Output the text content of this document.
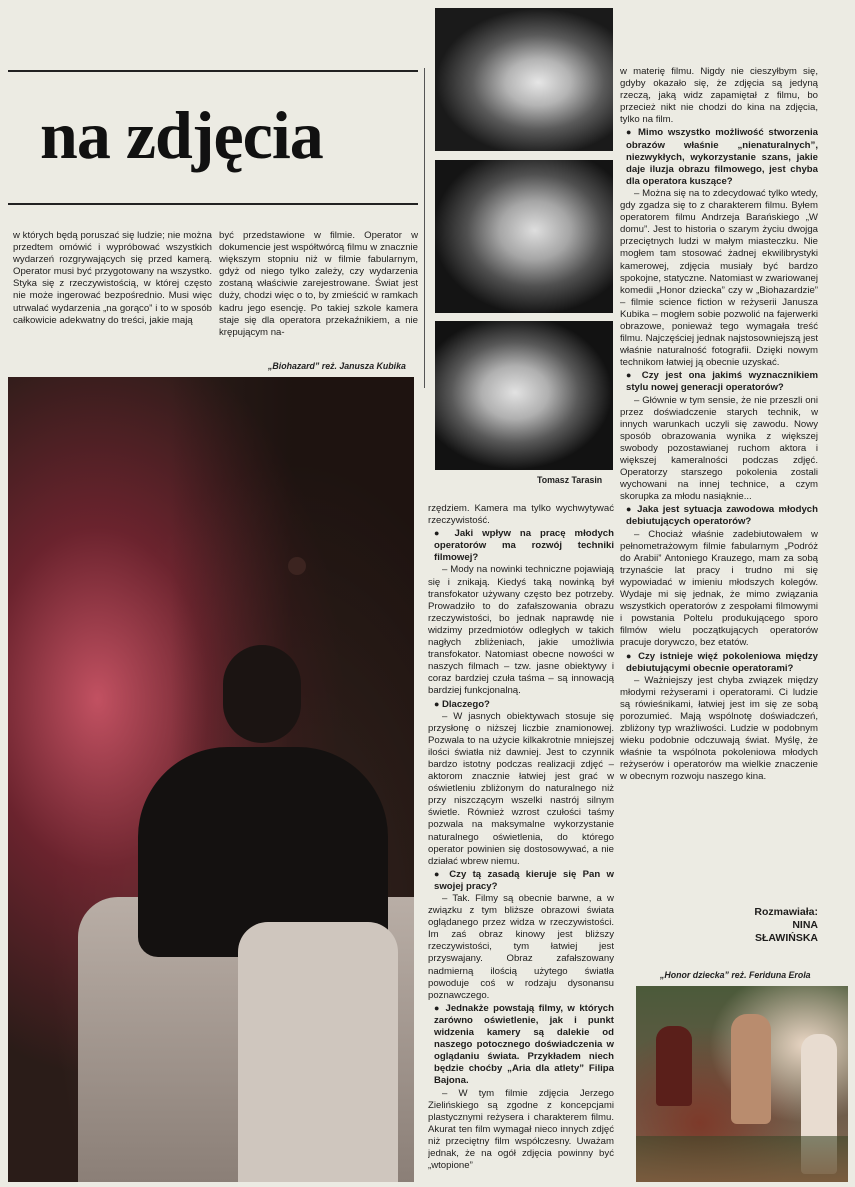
na zdjęcia

w których będą poruszać się ludzie; nie można przedtem omówić i wypróbować wszystkich wydarzeń rozgrywających się przed kamerą. Operator musi być przygotowany na wszystko. Styka się z rzeczywistością, w której często nie może ingerować bezpośrednio. Musi więc utrwalać wydarzenia „na gorąco” i to w sposób całkowicie adekwatny do treści, jakie mają

być przedstawione w filmie. Operator w dokumencie jest współtwórcą filmu w znacznie większym stopniu niż w filmie fabularnym, gdyż od niego tylko zależy, czy wydarzenia zostaną właściwie zarejestrowane. Świat jest duży, chodzi więc o to, by zmieścić w ramkach kadru jego esencję. Po takiej szkole kamera staje się dla operatora przekaźnikiem, a nie krępującym na-

„Biohazard” reż. Janusza Kubika
Tomasz Tarasin

rzędziem. Kamera ma tylko wychwytywać rzeczywistość.

● Jaki wpływ na pracę młodych operatorów ma rozwój techniki filmowej?

– Mody na nowinki techniczne pojawiają się i znikają. Kiedyś taką nowinką był transfokator używany często bez potrzeby. Prowadziło to do zafałszowania obrazu rzeczywistości, bo jednak naprawdę nie widzimy przedmiotów odległych w takich nagłych zbliżeniach, jakie umożliwia transfokator. Natomiast obecne nowości w naszych filmach – tzw. jasne obiektywy i coraz bardziej czuła taśma – są innowacją bardziej funkcjonalną.

● Dlaczego?

– W jasnych obiektywach stosuje się przysłonę o niższej liczbie znamionowej. Pozwala to na użycie kilkakrotnie mniejszej ilości światła niż dawniej. Jest to czynnik bardzo istotny podczas realizacji zdjęć – aktorom znacznie łatwiej jest grać w oświetleniu zbliżonym do naturalnego niż przy niszczącym wszelki nastrój silnym świetle. Również wzrost czułości taśmy pozwala na maksymalne wykorzystanie naturalnego oświetlenia, do którego operator powinien się dostosowywać, a nie działać wbrew niemu.

● Czy tą zasadą kieruje się Pan w swojej pracy?

– Tak. Filmy są obecnie barwne, a w związku z tym bliższe obrazowi świata oglądanego przez widza w rzeczywistości. Im zaś obraz kinowy jest bliższy rzeczywistości, tym łatwiej jest przyswajany. Obraz zafałszowany nadmierną ilością użytego światła powoduje coś w rodzaju dysonansu poznawczego.

● Jednakże powstają filmy, w których zarówno oświetlenie, jak i punkt widzenia kamery są dalekie od naszego potocznego doświadczenia w oglądaniu świata. Przykładem niech będzie choćby „Aria dla atlety” Filipa Bajona.

– W tym filmie zdjęcia Jerzego Zielińskiego są zgodne z koncepcjami plastycznymi reżysera i charakterem filmu. Akurat ten film wymagał nieco innych zdjęć niż przeciętny film współczesny. Uważam jednak, że na ogół zdjęcia powinny być „wtopione”

w materię filmu. Nigdy nie cieszyłbym się, gdyby okazało się, że zdjęcia są jedyną rzeczą, jaką widz zapamiętał z filmu, bo przecież nikt nie chodzi do kina na zdjęcia, tylko na film.

● Mimo wszystko możliwość stworzenia obrazów właśnie „nienaturalnych”, niezwykłych, wykorzystanie szans, jakie daje iluzja obrazu filmowego, jest chyba dla operatora kuszące?

– Można się na to zdecydować tylko wtedy, gdy zgadza się to z charakterem filmu. Byłem operatorem filmu Andrzeja Barańskiego „W domu”. Jest to historia o szarym życiu dwojga przeciętnych ludzi w małym miasteczku. Nie mogłem tam stosować żadnej ekwilibrystyki kamerowej, zdjęcia musiały być bardzo spokojne, statyczne. Natomiast w zwariowanej komedii „Honor dziecka” czy w „Biohazardzie” – filmie science fiction w reżyserii Janusza Kubika – mogłem sobie pozwolić na fajerwerki obrazowe, ponieważ tego wymagała treść filmu. Najczęściej jednak najstosowniejszą jest właśnie naturalność fotografii. Dzięki nowym technikom łatwiej ją obecnie uzyskać.

● Czy jest ona jakimś wyznacznikiem stylu nowej generacji operatorów?

– Głównie w tym sensie, że nie przeszli oni przez doświadczenie starych technik, w innych warunkach uczyli się zawodu. Nowy sposób obrazowania wynika z większej swobody pozostawianej ruchom aktora i większej kameralności podczas zdjęć. Operatorzy starszego pokolenia zostali wychowani na innej technice, a czym skorupka za młodu nasiąknie...

● Jaka jest sytuacja zawodowa młodych debiutujących operatorów?

– Chociaż właśnie zadebiutowałem w pełnometrażowym filmie fabularnym „Podróż do Arabii” Antoniego Krauzego, mam za sobą trzynaście lat pracy i trudno mi się wypowiadać w imieniu młodszych kolegów. Wydaje mi się jednak, że mimo związania wszystkich operatorów z zespołami filmowymi i powstania Poltelu produkującego sporo filmów wielu początkujących operatorów pracuje dorywczo, bez etatów.

● Czy istnieje więź pokoleniowa między debiutującymi obecnie operatorami?

– Ważniejszy jest chyba związek między młodymi reżyserami i operatorami. Ci ludzie są rówieśnikami, łatwiej jest im się ze sobą porozumieć. Mają wspólnotę doświadczeń, zbliżony typ wrażliwości. Ludzie w podobnym wieku podobnie odczuwają świat. Myślę, że właśnie ta wspólnota pokoleniowa młodych reżyserów i operatorów ma wielkie znaczenie w obecnym rozwoju naszego kina.

Rozmawiała:
NINA
SŁAWIŃSKA
„Honor dziecka” reż. Feriduna Erola
